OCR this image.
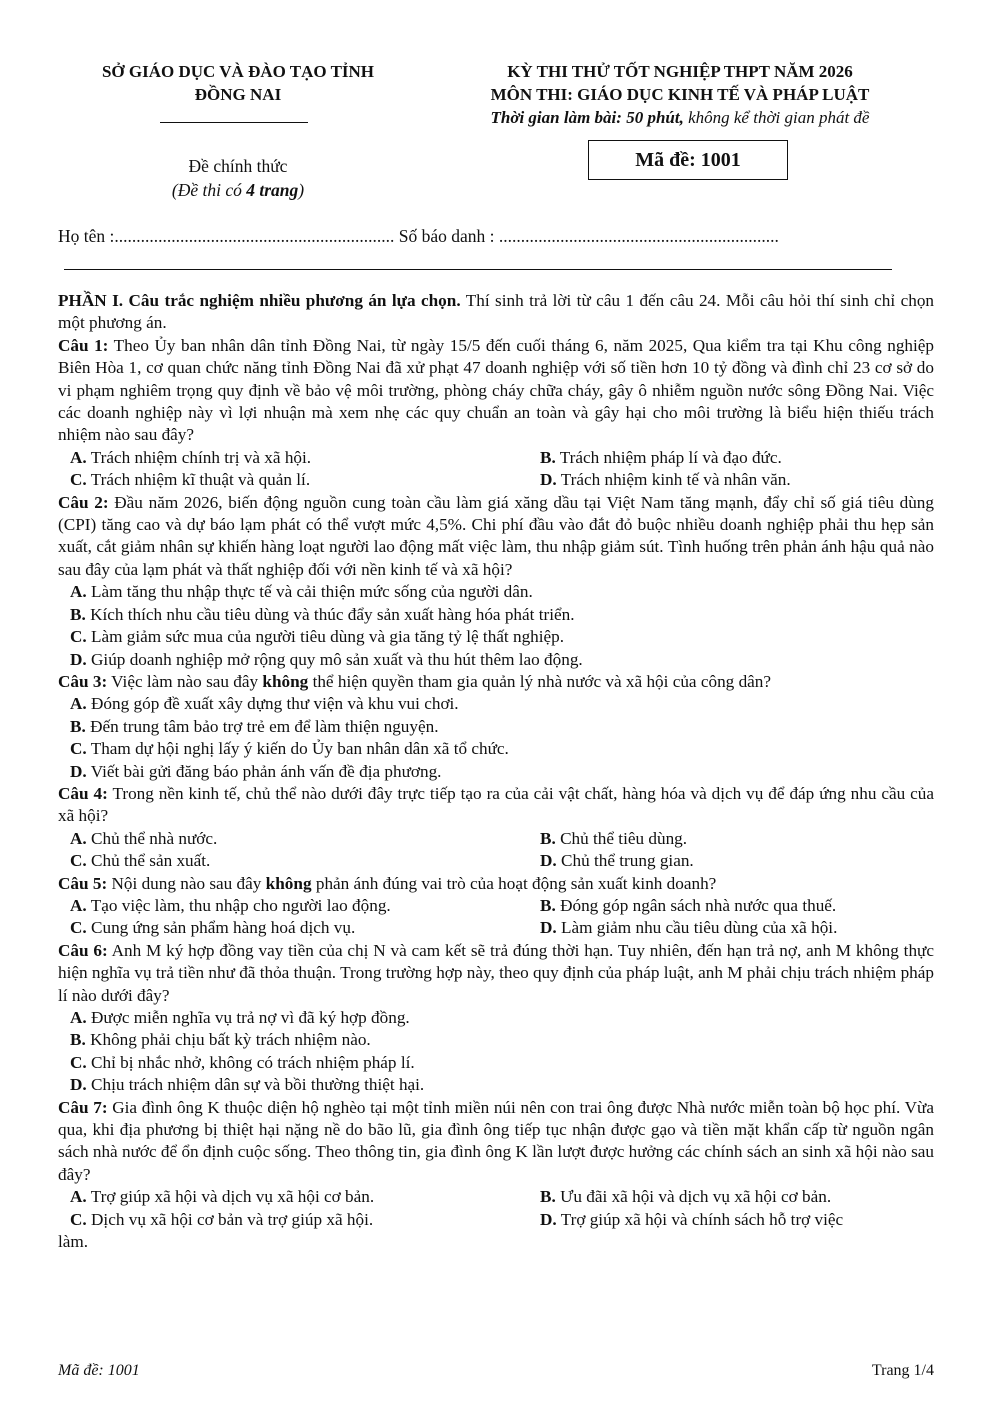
SỞ GIÁO DỤC VÀ ĐÀO TẠO TỈNH
ĐỒNG NAI
KỲ THI THỬ TỐT NGHIỆP THPT NĂM 2026
MÔN THI: GIÁO DỤC KINH TẾ VÀ PHÁP LUẬT
Thời gian làm bài: 50 phút, không kể thời gian phát đề
Đề chính thức
(Đề thi có 4 trang)
Mã đề: 1001
Họ tên :................................................................ Số báo danh : ................................................................

PHẦN I. Câu trắc nghiệm nhiều phương án lựa chọn. Thí sinh trả lời từ câu 1 đến câu 24. Mỗi câu hỏi thí sinh chỉ chọn một phương án.

Câu 1: Theo Ủy ban nhân dân tỉnh Đồng Nai, từ ngày 15/5 đến cuối tháng 6, năm 2025, Qua kiểm tra tại Khu công nghiệp Biên Hòa 1, cơ quan chức năng tỉnh Đồng Nai đã xử phạt 47 doanh nghiệp với số tiền hơn 10 tỷ đồng và đình chỉ 23 cơ sở do vi phạm nghiêm trọng quy định về bảo vệ môi trường, phòng cháy chữa cháy, gây ô nhiễm nguồn nước sông Đồng Nai. Việc các doanh nghiệp này vì lợi nhuận mà xem nhẹ các quy chuẩn an toàn và gây hại cho môi trường là biểu hiện thiếu trách nhiệm nào sau đây?

A. Trách nhiệm chính trị và xã hội.	B. Trách nhiệm pháp lí và đạo đức.
C. Trách nhiệm kĩ thuật và quản lí.	D. Trách nhiệm kinh tế và nhân văn.

Câu 2: Đầu năm 2026, biến động nguồn cung toàn cầu làm giá xăng dầu tại Việt Nam tăng mạnh, đẩy chỉ số giá tiêu dùng (CPI) tăng cao và dự báo lạm phát có thể vượt mức 4,5%. Chi phí đầu vào đắt đỏ buộc nhiều doanh nghiệp phải thu hẹp sản xuất, cắt giảm nhân sự khiến hàng loạt người lao động mất việc làm, thu nhập giảm sút. Tình huống trên phản ánh hậu quả nào sau đây của lạm phát và thất nghiệp đối với nền kinh tế và xã hội?

A. Làm tăng thu nhập thực tế và cải thiện mức sống của người dân.
B. Kích thích nhu cầu tiêu dùng và thúc đẩy sản xuất hàng hóa phát triển.
C. Làm giảm sức mua của người tiêu dùng và gia tăng tỷ lệ thất nghiệp.
D. Giúp doanh nghiệp mở rộng quy mô sản xuất và thu hút thêm lao động.

Câu 3: Việc làm nào sau đây không thể hiện quyền tham gia quản lý nhà nước và xã hội của công dân?

A. Đóng góp đề xuất xây dựng thư viện và khu vui chơi.
B. Đến trung tâm bảo trợ trẻ em để làm thiện nguyện.
C. Tham dự hội nghị lấy ý kiến do Ủy ban nhân dân xã tổ chức.
D. Viết bài gửi đăng báo phản ánh vấn đề địa phương.

Câu 4: Trong nền kinh tế, chủ thể nào dưới đây trực tiếp tạo ra của cải vật chất, hàng hóa và dịch vụ để đáp ứng nhu cầu của xã hội?

A. Chủ thể nhà nước.	B. Chủ thể tiêu dùng.
C. Chủ thể sản xuất.	D. Chủ thể trung gian.

Câu 5: Nội dung nào sau đây không phản ánh đúng vai trò của hoạt động sản xuất kinh doanh?

A. Tạo việc làm, thu nhập cho người lao động.	B. Đóng góp ngân sách nhà nước qua thuế.
C. Cung ứng sản phẩm hàng hoá dịch vụ.	D. Làm giảm nhu cầu tiêu dùng của xã hội.

Câu 6: Anh M ký hợp đồng vay tiền của chị N và cam kết sẽ trả đúng thời hạn. Tuy nhiên, đến hạn trả nợ, anh M không thực hiện nghĩa vụ trả tiền như đã thỏa thuận. Trong trường hợp này, theo quy định của pháp luật, anh M phải chịu trách nhiệm pháp lí nào dưới đây?

A. Được miễn nghĩa vụ trả nợ vì đã ký hợp đồng.
B. Không phải chịu bất kỳ trách nhiệm nào.
C. Chỉ bị nhắc nhở, không có trách nhiệm pháp lí.
D. Chịu trách nhiệm dân sự và bồi thường thiệt hại.

Câu 7: Gia đình ông K thuộc diện hộ nghèo tại một tỉnh miền núi nên con trai ông được Nhà nước miễn toàn bộ học phí. Vừa qua, khi địa phương bị thiệt hại nặng nề do bão lũ, gia đình ông tiếp tục nhận được gạo và tiền mặt khẩn cấp từ nguồn ngân sách nhà nước để ổn định cuộc sống. Theo thông tin, gia đình ông K lần lượt được hưởng các chính sách an sinh xã hội nào sau đây?

A. Trợ giúp xã hội và dịch vụ xã hội cơ bản.	B. Ưu đãi xã hội và dịch vụ xã hội cơ bản.
C. Dịch vụ xã hội cơ bản và trợ giúp xã hội.	D. Trợ giúp xã hội và chính sách hỗ trợ việc
làm.
Mã đề: 1001	Trang 1/4
